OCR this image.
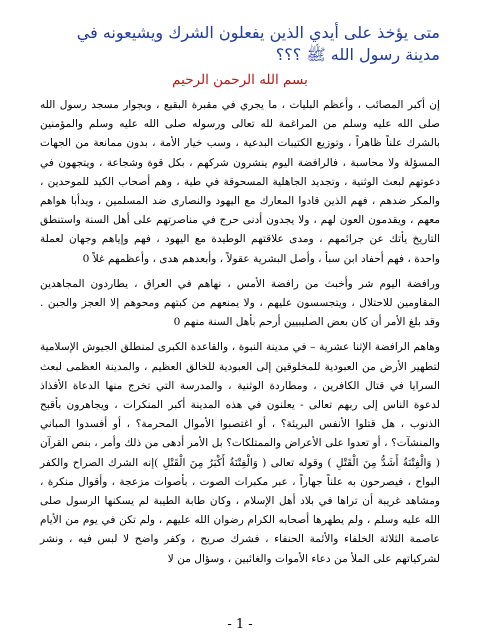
متى يؤخذ على أيدي الذين يفعلون الشرك ويشيعونه في مدينة رسول الله ﷺ ؟؟؟
بسم الله الرحمن الرحيم

إن أكبر المصائب ، وأعظم البليات ، ما يجري في مقبرة البقيع ، وبجوار مسجد رسول الله صلى الله عليه وسلم من المراغمة لله تعالى ورسوله صلى الله عليه وسلم والمؤمنين بالشرك علناً ظاهراً ، وتوزيع الكتيبات البدعية ، وسب خيار الأمة ، بدون ممانعة من الجهات المسؤلة ولا محاسبة ، فالرافضة اليوم ينشرون شركهم ، بكل قوة وشجاعة ، ويتجهون في دعوتهم لبعث الوثنية ، وتجديد الجاهلية المسحوقة في طية ، وهم أصحاب الكيد للموحدين ، والمكر ضدهم ، فهم الذين قادوا المعارك مع اليهود والنصارى ضد المسلمين ، ويدأبا هواهم معهم ، ويقدمون العون لهم ، ولا يجدون أدنى حرج في مناصرتهم على أهل السنة واستنطق التاريخ يأتك عن جرائمهم ، ومدى علاقتهم الوطيدة مع اليهود ، فهم وإياهم وجهان لعملة واحدة ، فهم أحفاد ابن سبأ ، وأصل البشرية عقولاً ، وأبعدهم هدى ، وأعظمهم غلاً 0

ورافضة اليوم شر وأخبث من رافضة الأمس ، نهاهم في العراق ، يطاردون المجاهدين المقاومين للاحتلال ، ويتجسسون عليهم ، ولا يمنعهم من كبتهم ومحوهم إلا العجز والجبن . وقد بلغ الأمر أن كان بعض الصليبيين أرحم بأهل السنة منهم 0

وهاهم الرافضة الإثنا عشرية – في مدينة النبوة ، والقاعدة الكبرى لمنطلق الجيوش الإسلامية لتطهير الأرض من العبودية للمخلوقين إلى العبودية للخالق العظيم ، والمدينة العظمى لبعث السرايا في قتال الكافرين ، ومطاردة الوثنية ، والمدرسة التي تخرج منها الدعاة الأفذاذ لدعوة الناس إلى ربهم تعالى - يعلنون في هذه المدينة أكبر المنكرات ، ويجاهرون بأقبح الذنوب ، هل قتلوا الأنفس البريئة؟ ، أو اغتصبوا الأموال المحرمة؟ ، أو أفسدوا المباني والمنشآت؟ ، أو تعدوا على الأعراض والممتلكات؟ بل الأمر أدهى من ذلك وأمر ، بنص القرآن ( وَالْفِتْنَةُ أَشَدُّ مِنَ الْقَتْلِ ) وقوله تعالى ( وَالْفِتْنَةُ أَكْبَرُ مِنَ الْقَتْلِ )إنه الشرك الصراح والكفر البواح ، فيصرحون به علناً جهاراً ، عبر مكبرات الصوت ، بأصوات مزعجة ، وأقوال منكرة ، ومشاهد غريبة أن تراها في بلاد أهل الإسلام ، وكان طابة الطيبة لم يسكنها الرسول صلى الله عليه وسلم ، ولم يطهرها أصحابه الكرام رضوان الله عليهم ، ولم تكن في يوم من الأيام عاصمة الثلاثة الخلفاء والأئمة الحنفاء ، فشرك صريح ، وكفر واضح لا لبس فيه ، ونشر لشركياتهم على الملأ من دعاء الأموات والغائبين ، وسؤال من لا

- 1 -
